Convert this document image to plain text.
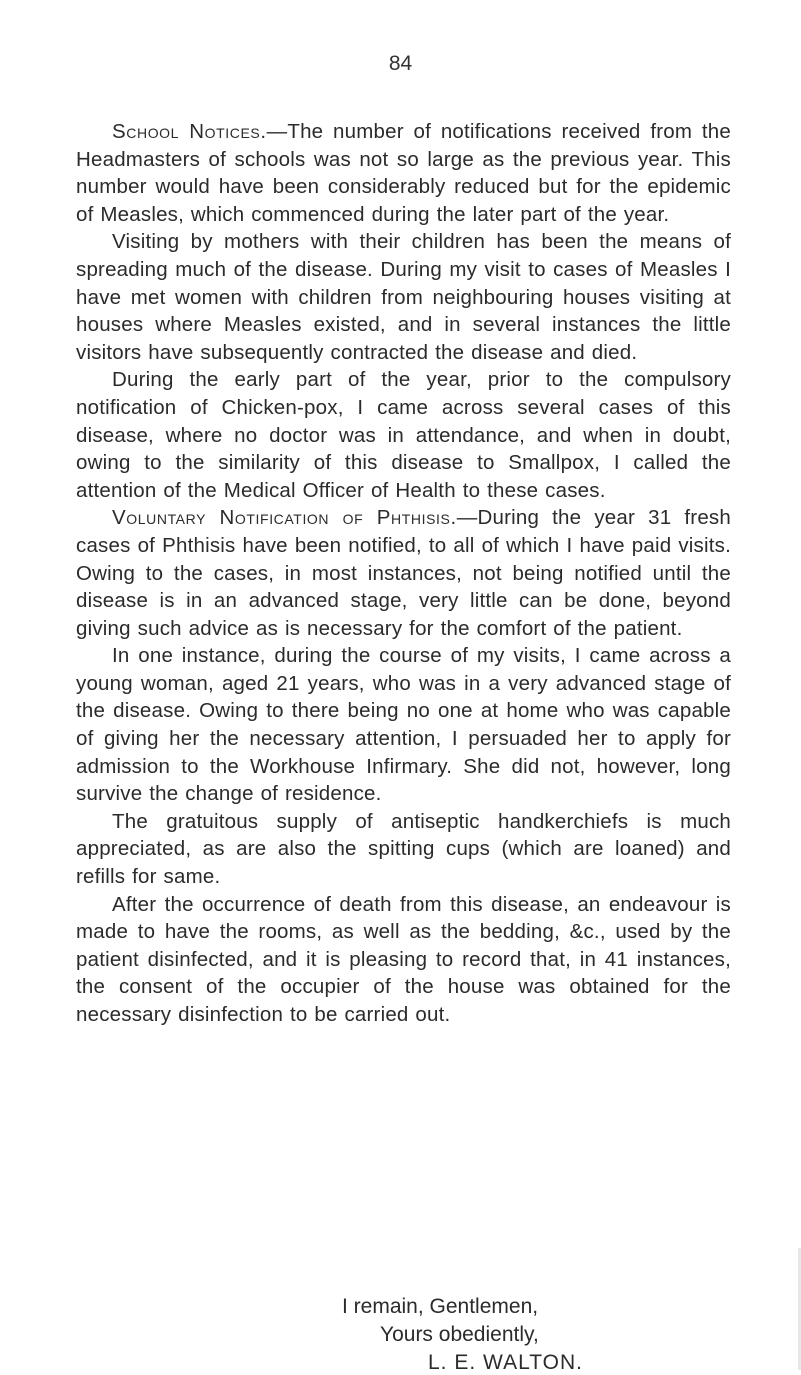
84

School Notices.—The number of notifications received from the Headmasters of schools was not so large as the previous year. This number would have been considerably reduced but for the epidemic of Measles, which commenced during the later part of the year.

Visiting by mothers with their children has been the means of spreading much of the disease. During my visit to cases of Measles I have met women with children from neighbouring houses visiting at houses where Measles existed, and in several instances the little visitors have subsequently contracted the disease and died.

During the early part of the year, prior to the compulsory notification of Chicken-pox, I came across several cases of this disease, where no doctor was in attendance, and when in doubt, owing to the similarity of this disease to Smallpox, I called the attention of the Medical Officer of Health to these cases.

Voluntary Notification of Phthisis.—During the year 31 fresh cases of Phthisis have been notified, to all of which I have paid visits. Owing to the cases, in most instances, not being notified until the disease is in an advanced stage, very little can be done, beyond giving such advice as is necessary for the comfort of the patient.

In one instance, during the course of my visits, I came across a young woman, aged 21 years, who was in a very advanced stage of the disease. Owing to there being no one at home who was capable of giving her the necessary attention, I persuaded her to apply for admission to the Workhouse Infirmary. She did not, however, long survive the change of residence.

The gratuitous supply of antiseptic handkerchiefs is much appreciated, as are also the spitting cups (which are loaned) and refills for same.

After the occurrence of death from this disease, an endeavour is made to have the rooms, as well as the bedding, &c., used by the patient disinfected, and it is pleasing to record that, in 41 instances, the consent of the occupier of the house was obtained for the necessary disinfection to be carried out.

I remain, Gentlemen,
Yours obediently,
L. E. WALTON.
